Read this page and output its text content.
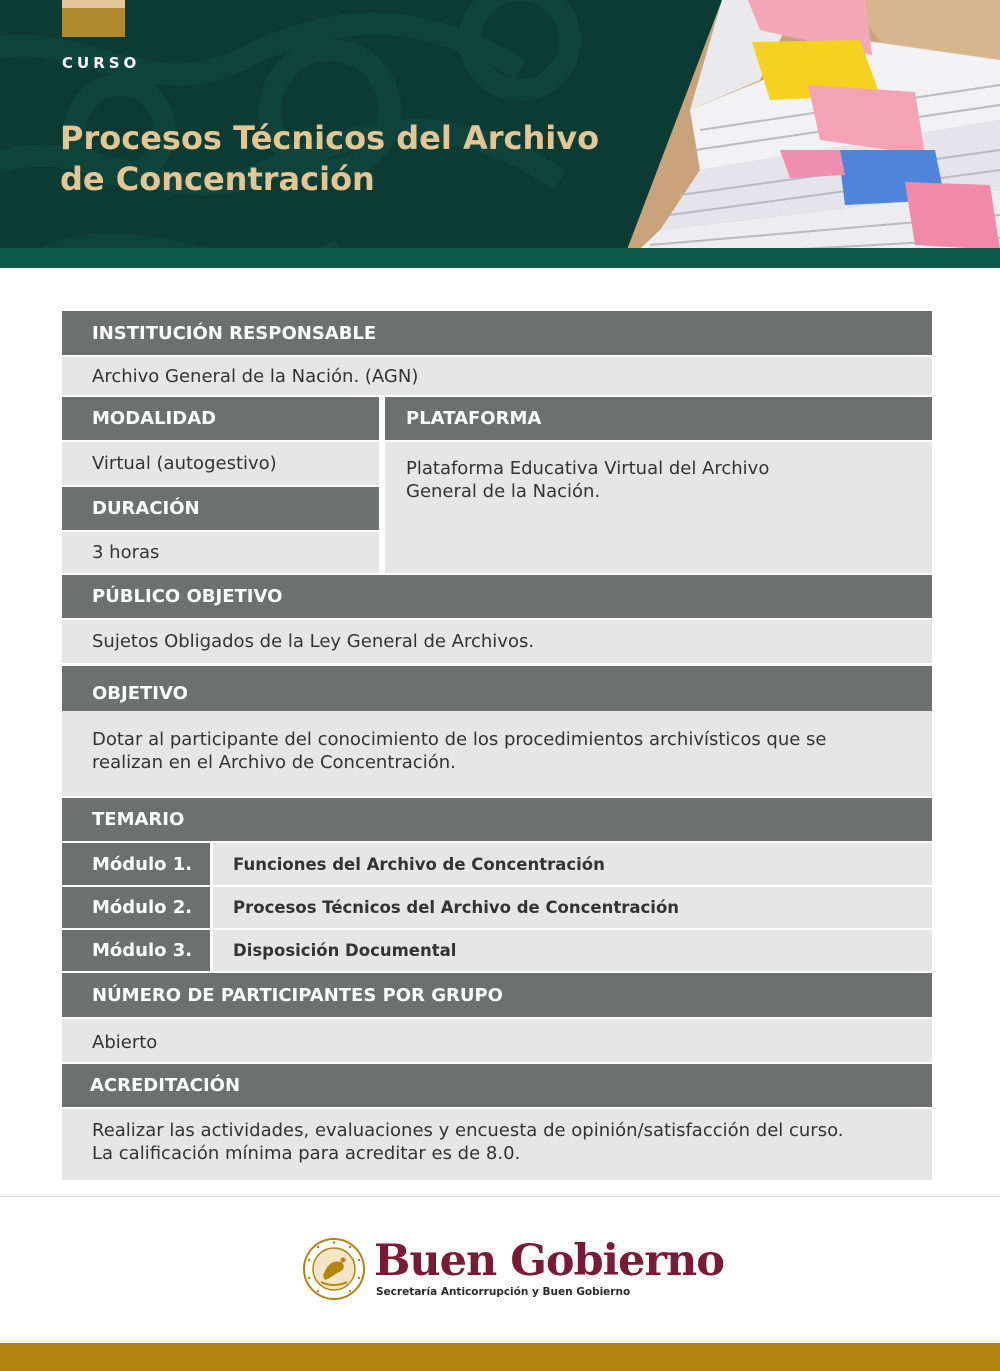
CURSO
Procesos Técnicos del Archivo
de Concentración
INSTITUCIÓN RESPONSABLE
Archivo General de la Nación. (AGN)
MODALIDAD
Virtual (autogestivo)
DURACIÓN
3 horas
PLATAFORMA
Plataforma Educativa Virtual del Archivo
General de la Nación.
PÚBLICO OBJETIVO
Sujetos Obligados de la Ley General de Archivos.
OBJETIVO
Dotar al participante del conocimiento de los procedimientos archivísticos que se
realizan en el Archivo de Concentración.
TEMARIO
Módulo 1.	Funciones del Archivo de Concentración
Módulo 2.	Procesos Técnicos del Archivo de Concentración
Módulo 3.	Disposición Documental
NÚMERO DE PARTICIPANTES POR GRUPO
Abierto
ACREDITACIÓN
Realizar las actividades, evaluaciones y encuesta de opinión/satisfacción del curso.
La calificación mínima para acreditar es de 8.0.
Buen Gobierno
Secretaría Anticorrupción y Buen Gobierno
